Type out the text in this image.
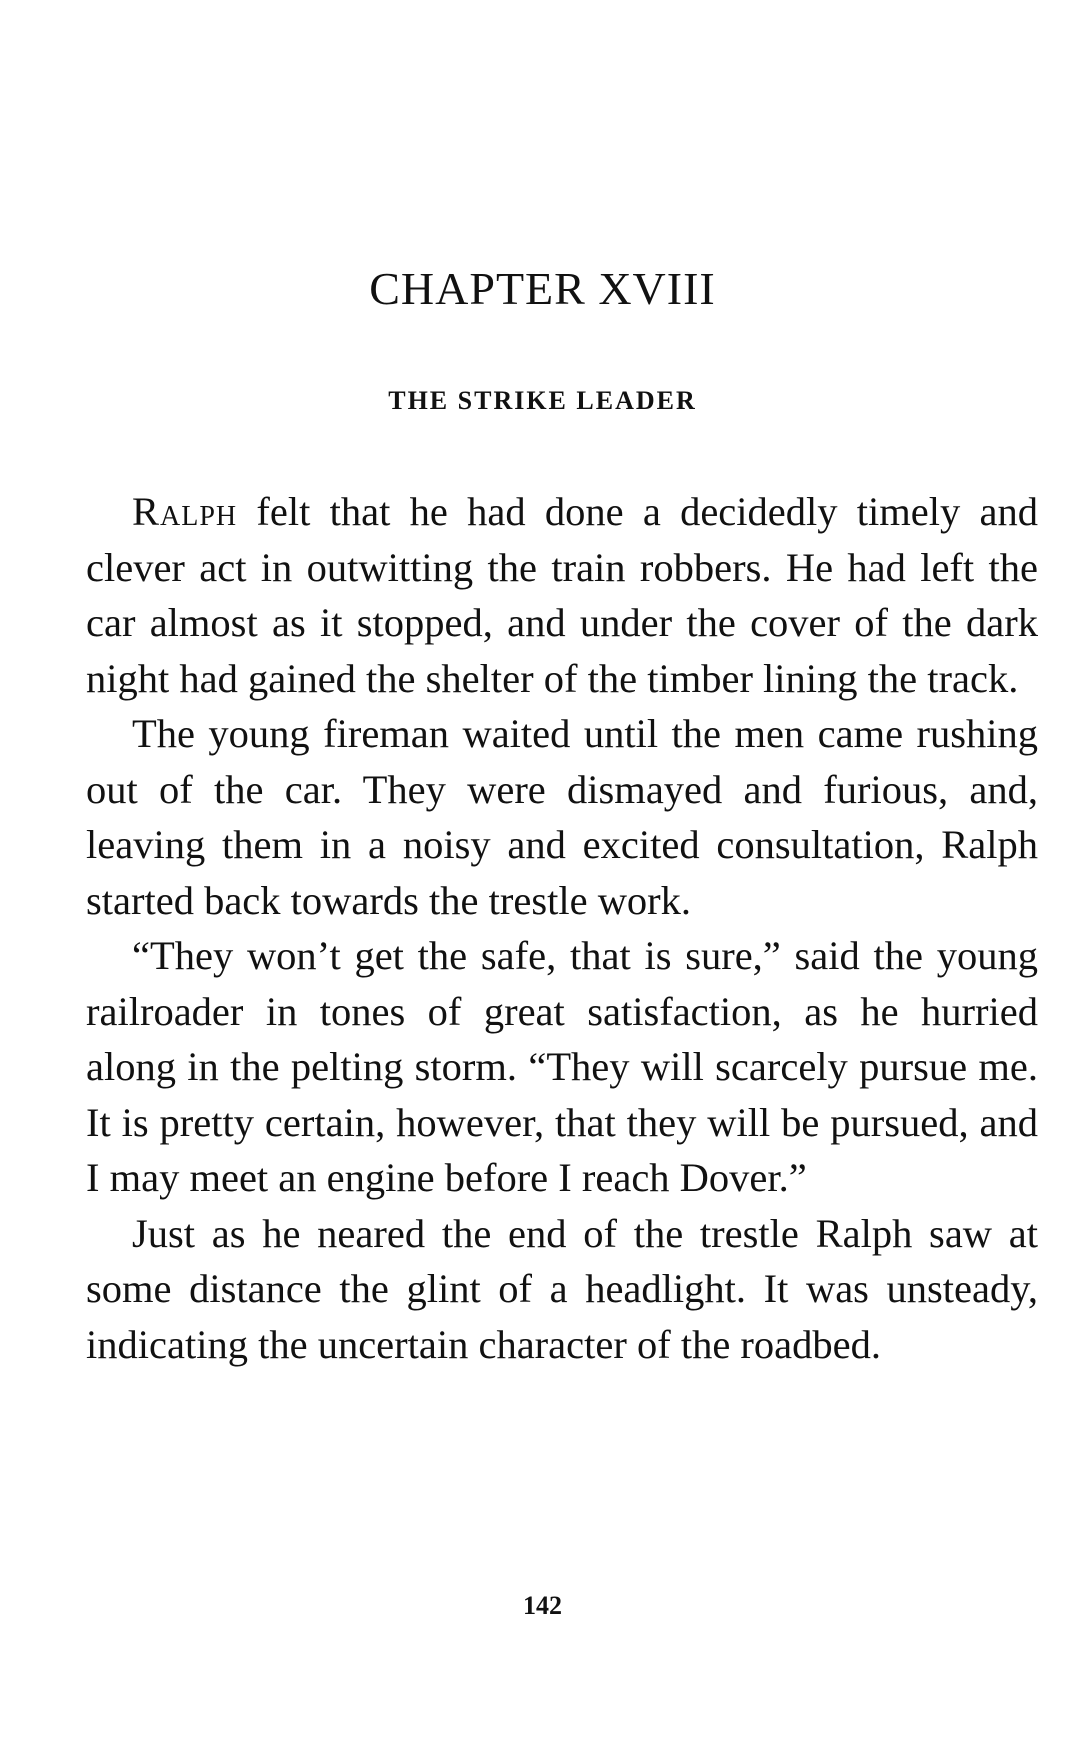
CHAPTER XVIII
THE STRIKE LEADER

Ralph felt that he had done a decidedly timely and clever act in outwitting the train robbers. He had left the car almost as it stopped, and under the cover of the dark night had gained the shelter of the timber lining the track.

The young fireman waited until the men came rushing out of the car. They were dismayed and furious, and, leaving them in a noisy and excited consultation, Ralph started back towards the trestle work.

“They won’t get the safe, that is sure,” said the young railroader in tones of great satisfaction, as he hurried along in the pelting storm. “They will scarcely pursue me. It is pretty certain, however, that they will be pursued, and I may meet an engine before I reach Dover.”

Just as he neared the end of the trestle Ralph saw at some distance the glint of a headlight. It was unsteady, indicating the uncertain character of the roadbed.

142
